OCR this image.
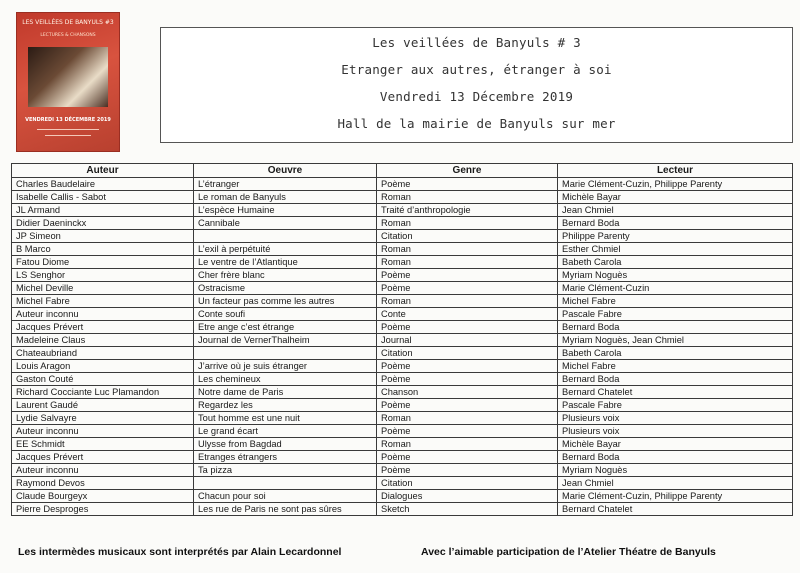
LES VEILLÉES DE BANYULS #3
LECTURES & CHANSONS
VENDREDI 13 DÉCEMBRE 2019
Les veillées de Banyuls # 3
Etranger aux autres, étranger à soi
Vendredi 13 Décembre 2019
Hall de la mairie de Banyuls sur mer
Auteur	Oeuvre	Genre	Lecteur
Charles Baudelaire	L’étranger	Poème	Marie Clément-Cuzin, Philippe Parenty
Isabelle Callis - Sabot	Le roman de Banyuls	Roman	Michèle Bayar
JL Armand	L’espèce Humaine	Traité d’anthropologie	Jean Chmiel
Didier Daeninckx	Cannibale	Roman	Bernard Boda
JP Simeon		Citation	Philippe Parenty
B Marco	L’exil à perpétuité	Roman	Esther Chmiel
Fatou Diome	Le ventre de l’Atlantique	Roman	Babeth Carola
LS Senghor	Cher frère blanc	Poème	Myriam Noguès
Michel Deville	Ostracisme	Poème	Marie Clément-Cuzin
Michel Fabre	Un facteur pas comme les autres	Roman	Michel Fabre
Auteur inconnu	Conte soufi	Conte	Pascale Fabre
Jacques Prévert	Etre ange c’est étrange	Poème	Bernard Boda
Madeleine Claus	Journal de VernerThalheim	Journal	Myriam Noguès, Jean Chmiel
Chateaubriand		Citation	Babeth Carola
Louis Aragon	J’arrive où je suis étranger	Poème	Michel Fabre
Gaston Couté	Les chemineux	Poème	Bernard Boda
Richard Cocciante Luc Plamandon	Notre dame de Paris	Chanson	Bernard Chatelet
Laurent Gaudé	Regardez les	Poème	Pascale Fabre
Lydie Salvayre	Tout homme est une nuit	Roman	Plusieurs voix
Auteur inconnu	Le grand écart	Poème	Plusieurs voix
EE Schmidt	Ulysse from Bagdad	Roman	Michèle Bayar
Jacques Prévert	Etranges étrangers	Poème	Bernard Boda
Auteur inconnu	Ta pizza	Poème	Myriam Noguès
Raymond Devos		Citation	Jean Chmiel
Claude Bourgeyx	Chacun pour soi	Dialogues	Marie Clément-Cuzin, Philippe Parenty
Pierre Desproges	Les rue de Paris ne sont pas sûres	Sketch	Bernard Chatelet
Les intermèdes musicaux sont interprétés par Alain Lecardonnel	Avec l’aimable participation de l’Atelier Théatre de Banyuls
